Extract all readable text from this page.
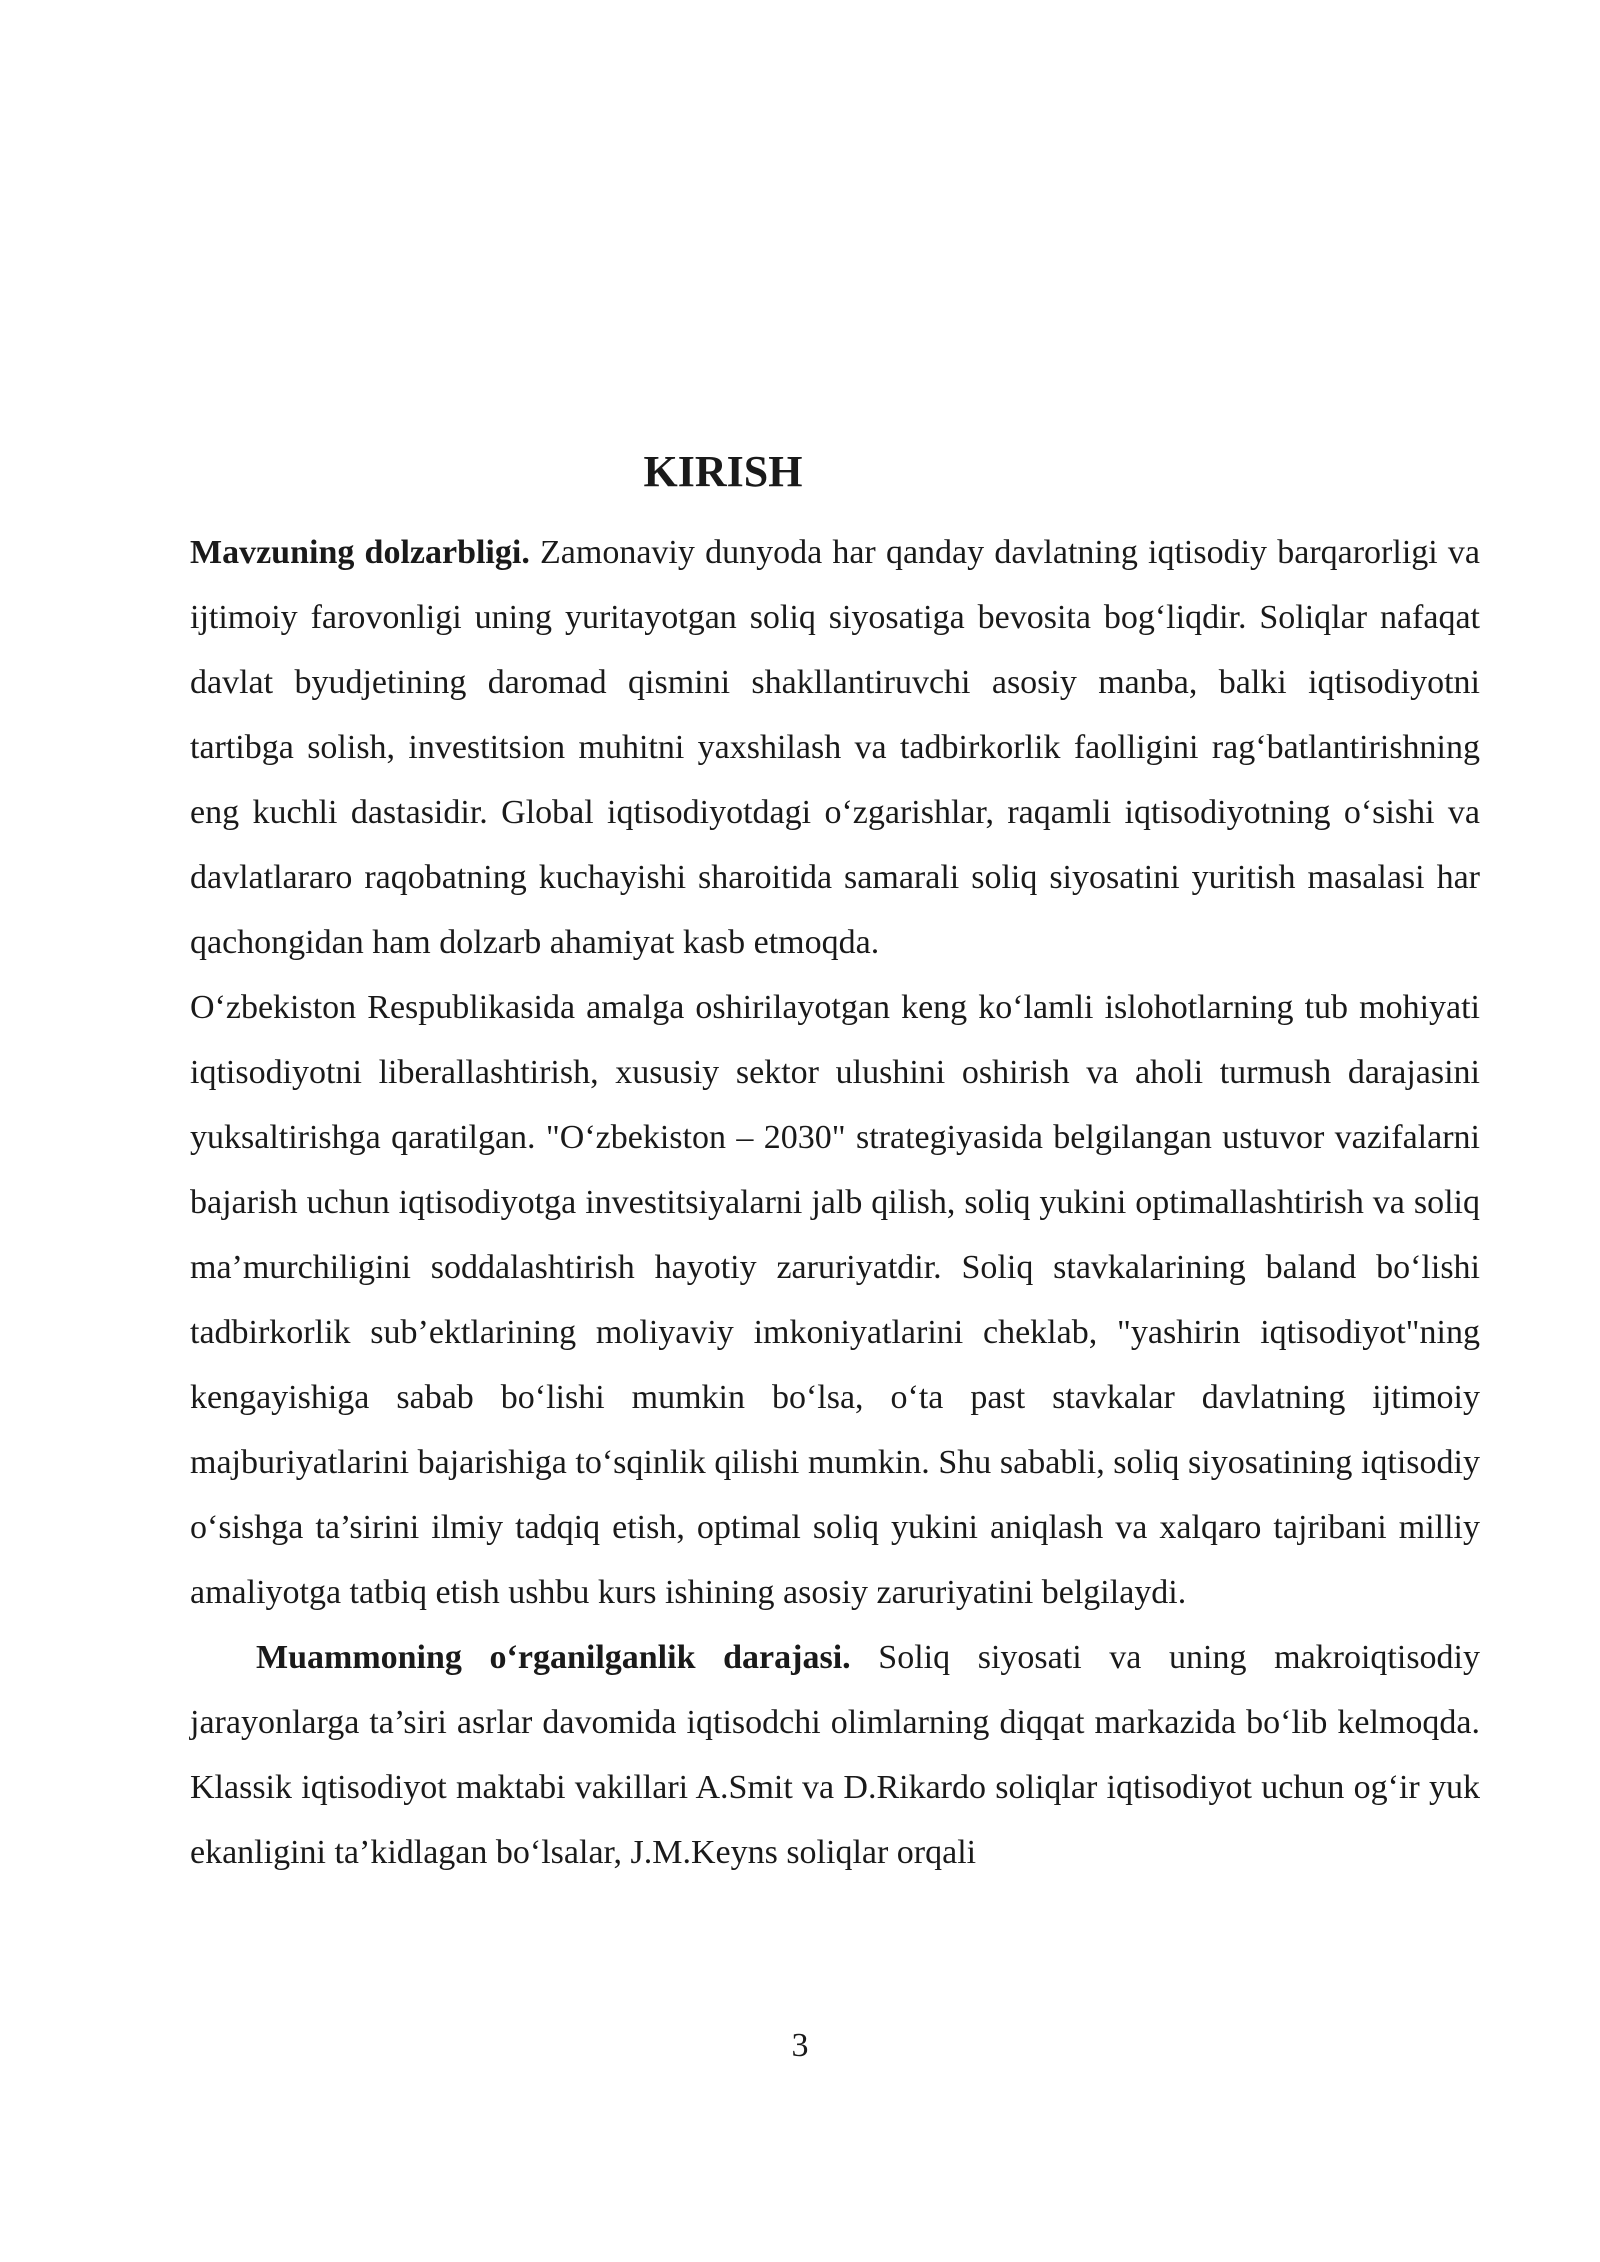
KIRISH

Mavzuning dolzarbligi. Zamonaviy dunyoda har qanday davlatning iqtisodiy barqarorligi va ijtimoiy farovonligi uning yuritayotgan soliq siyosatiga bevosita bog‘liqdir. Soliqlar nafaqat davlat byudjetining daromad qismini shakllantiruvchi asosiy manba, balki iqtisodiyotni tartibga solish, investitsion muhitni yaxshilash va tadbirkorlik faolligini rag‘batlantirishning eng kuchli dastasidir. Global iqtisodiyotdagi o‘zgarishlar, raqamli iqtisodiyotning o‘sishi va davlatlararo raqobatning kuchayishi sharoitida samarali soliq siyosatini yuritish masalasi har qachongidan ham dolzarb ahamiyat kasb etmoqda.

O‘zbekiston Respublikasida amalga oshirilayotgan keng ko‘lamli islohotlarning tub mohiyati iqtisodiyotni liberallashtirish, xususiy sektor ulushini oshirish va aholi turmush darajasini yuksaltirishga qaratilgan. "O‘zbekiston – 2030" strategiyasida belgilangan ustuvor vazifalarni bajarish uchun iqtisodiyotga investitsiyalarni jalb qilish, soliq yukini optimallashtirish va soliq ma’murchiligini soddalashtirish hayotiy zaruriyatdir. Soliq stavkalarining baland bo‘lishi tadbirkorlik sub’ektlarining moliyaviy imkoniyatlarini cheklab, "yashirin iqtisodiyot"ning kengayishiga sabab bo‘lishi mumkin bo‘lsa, o‘ta past stavkalar davlatning ijtimoiy majburiyatlarini bajarishiga to‘sqinlik qilishi mumkin. Shu sababli, soliq siyosatining iqtisodiy o‘sishga ta’sirini ilmiy tadqiq etish, optimal soliq yukini aniqlash va xalqaro tajribani milliy amaliyotga tatbiq etish ushbu kurs ishining asosiy zaruriyatini belgilaydi.

Muammoning o‘rganilganlik darajasi. Soliq siyosati va uning makroiqtisodiy jarayonlarga ta’siri asrlar davomida iqtisodchi olimlarning diqqat markazida bo‘lib kelmoqda. Klassik iqtisodiyot maktabi vakillari A.Smit va D.Rikardo soliqlar iqtisodiyot uchun og‘ir yuk ekanligini ta’kidlagan bo‘lsalar, J.M.Keyns soliqlar orqali

3
